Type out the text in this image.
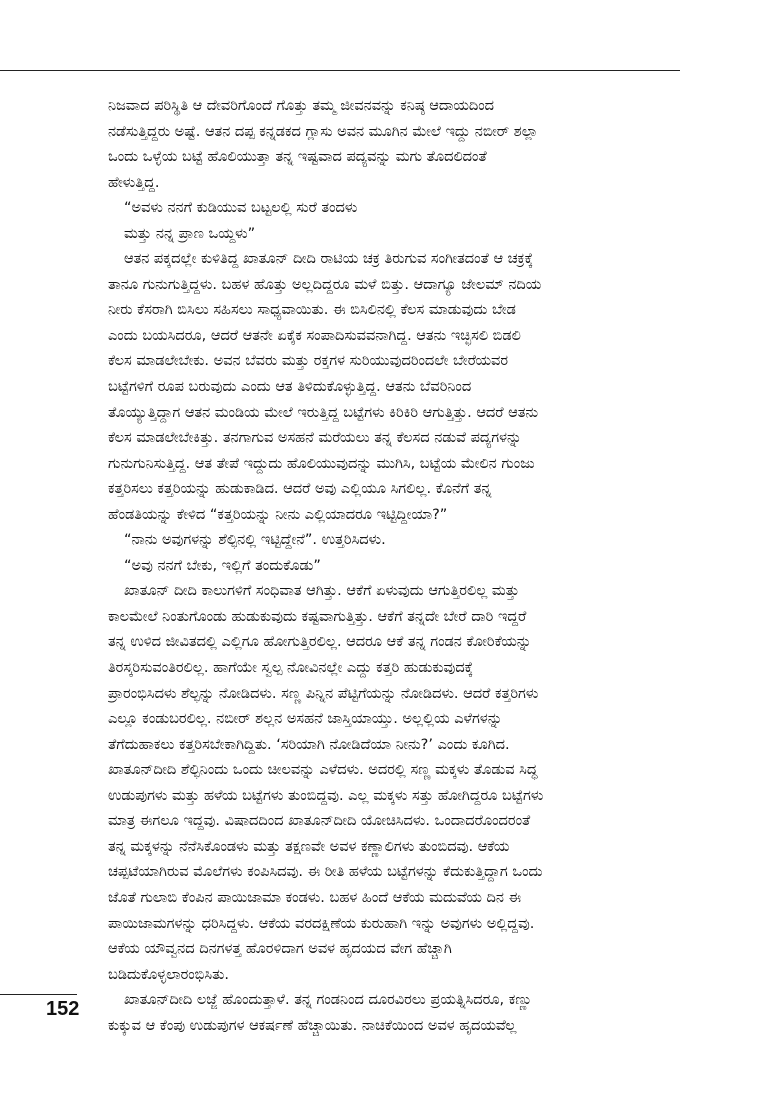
ನಿಜವಾದ ಪರಿಸ್ಥಿತಿ ಆ ದೇವರಿಗೊಂದೆ ಗೊತ್ತು ತಮ್ಮ ಜೀವನವನ್ನು ಕನಿಷ್ಠ ಆದಾಯದಿಂದ
ನಡೆಸುತ್ತಿದ್ದರು ಅಷ್ಟೆ. ಆತನ ದಪ್ಪ ಕನ್ನಡಕದ ಗ್ಲಾಸು ಅವನ ಮೂಗಿನ ಮೇಲೆ ಇದ್ದು ನಬೀರ್ ಶಲ್ಲಾ
ಒಂದು ಒಳ್ಳೆಯ ಬಟ್ಟೆ ಹೊಲಿಯುತ್ತಾ ತನ್ನ ಇಷ್ಟವಾದ ಪದ್ಯವನ್ನು ಮಗು ತೊದಲಿದಂತೆ
ಹೇಳುತ್ತಿದ್ದ.
“ಅವಳು ನನಗೆ ಕುಡಿಯುವ ಬಟ್ಟಲಲ್ಲಿ ಸುರೆ ತಂದಳು
ಮತ್ತು ನನ್ನ ಪ್ರಾಣ ಒಯ್ದಳು”
ಆತನ ಪಕ್ಕದಲ್ಲೇ ಕುಳಿತಿದ್ದ ಖಾತೂನ್ ದೀದಿ ರಾಟಿಯ ಚಕ್ರ ತಿರುಗುವ ಸಂಗೀತದಂತೆ ಆ ಚಕ್ರಕ್ಕೆ
ತಾನೂ ಗುನುಗುತ್ತಿದ್ದಳು. ಬಹಳ ಹೊತ್ತು ಅಲ್ಲದಿದ್ದರೂ ಮಳೆ ಬಿತ್ತು. ಆದಾಗ್ಯೂ ಜೇಲಮ್ ನದಿಯ
ನೀರು ಕೆಸರಾಗಿ ಬಿಸಿಲು ಸಹಿಸಲು ಸಾಧ್ಯವಾಯಿತು. ಈ ಬಿಸಿಲಿನಲ್ಲಿ ಕೆಲಸ ಮಾಡುವುದು ಬೇಡ
ಎಂದು ಬಯಸಿದರೂ, ಆದರೆ ಆತನೇ ಏಕೈಕ ಸಂಪಾದಿಸುವವನಾಗಿದ್ದ. ಆತನು ಇಚ್ಛಿಸಲಿ ಬಿಡಲಿ
ಕೆಲಸ ಮಾಡಲೇಬೇಕು. ಅವನ ಬೆವರು ಮತ್ತು ರಕ್ತಗಳ ಸುರಿಯುವುದರಿಂದಲೇ ಬೇರೆಯವರ
ಬಟ್ಟೆಗಳಿಗೆ ರೂಪ ಬರುವುದು ಎಂದು ಆತ ತಿಳಿದುಕೊಳ್ಳುತ್ತಿದ್ದ. ಆತನು ಬೆವರಿನಿಂದ
ತೊಯ್ಯುತ್ತಿದ್ದಾಗ ಆತನ ಮಂಡಿಯ ಮೇಲೆ ಇರುತ್ತಿದ್ದ ಬಟ್ಟೆಗಳು ಕಿರಿಕಿರಿ ಆಗುತ್ತಿತ್ತು. ಆದರೆ ಆತನು
ಕೆಲಸ ಮಾಡಲೇಬೇಕಿತ್ತು. ತನಗಾಗುವ ಅಸಹನೆ ಮರೆಯಲು ತನ್ನ ಕೆಲಸದ ನಡುವೆ ಪದ್ಯಗಳನ್ನು
ಗುನುಗುನಿಸುತ್ತಿದ್ದ. ಆತ ತೇಪೆ ಇದ್ದುದು ಹೊಲಿಯುವುದನ್ನು ಮುಗಿಸಿ, ಬಟ್ಟೆಯ ಮೇಲಿನ ಗುಂಜು
ಕತ್ತರಿಸಲು ಕತ್ತರಿಯನ್ನು ಹುಡುಕಾಡಿದ. ಆದರೆ ಅವು ಎಲ್ಲಿಯೂ ಸಿಗಲಿಲ್ಲ. ಕೊನೆಗೆ ತನ್ನ
ಹೆಂಡತಿಯನ್ನು ಕೇಳಿದ “ಕತ್ತರಿಯನ್ನು ನೀನು ಎಲ್ಲಿಯಾದರೂ ಇಟ್ಟಿದ್ದೀಯಾ?”
“ನಾನು ಅವುಗಳನ್ನು ಶೆಲ್ಫಿನಲ್ಲಿ ಇಟ್ಟಿದ್ದೇನೆ”. ಉತ್ತರಿಸಿದಳು.
“ಅವು ನನಗೆ ಬೇಕು, ಇಲ್ಲಿಗೆ ತಂದುಕೊಡು”
ಖಾತೂನ್ ದೀದಿ ಕಾಲುಗಳಿಗೆ ಸಂಧಿವಾತ ಆಗಿತ್ತು. ಆಕೆಗೆ ಏಳುವುದು ಆಗುತ್ತಿರಲಿಲ್ಲ ಮತ್ತು
ಕಾಲಮೇಲೆ ನಿಂತುಗೊಂಡು ಹುಡುಕುವುದು ಕಷ್ಟವಾಗುತ್ತಿತ್ತು. ಆಕೆಗೆ ತನ್ನದೇ ಬೇರೆ ದಾರಿ ಇದ್ದರೆ
ತನ್ನ ಉಳಿದ ಜೀವಿತದಲ್ಲಿ ಎಲ್ಲಿಗೂ ಹೋಗುತ್ತಿರಲಿಲ್ಲ. ಆದರೂ ಆಕೆ ತನ್ನ ಗಂಡನ ಕೋರಿಕೆಯನ್ನು
ತಿರಸ್ಕರಿಸುವಂತಿರಲಿಲ್ಲ. ಹಾಗೆಯೇ ಸ್ವಲ್ಪ ನೋವಿನಲ್ಲೇ ಎದ್ದು ಕತ್ತರಿ ಹುಡುಕುವುದಕ್ಕೆ
ಪ್ರಾರಂಭಿಸಿದಳು ಶೆಲ್ಫನ್ನು ನೋಡಿದಳು. ಸಣ್ಣ ಪಿನ್ನಿನ ಪೆಟ್ಟಿಗೆಯನ್ನು ನೋಡಿದಳು. ಆದರೆ ಕತ್ತರಿಗಳು
ಎಲ್ಲೂ ಕಂಡುಬರಲಿಲ್ಲ. ನಬೀರ್ ಶಲ್ಲನ ಅಸಹನೆ ಜಾಸ್ತಿಯಾಯ್ತು. ಅಲ್ಲಲ್ಲಿಯ ಎಳೆಗಳನ್ನು
ತೆಗೆದುಹಾಕಲು ಕತ್ತರಿಸಬೇಕಾಗಿದ್ದಿತು. ‘ಸರಿಯಾಗಿ ನೋಡಿದೆಯಾ ನೀನು?’ ಎಂದು ಕೂಗಿದ.
ಖಾತೂನ್‌ದೀದಿ ಶೆಲ್ಫಿನಿಂದು ಒಂದು ಚೀಲವನ್ನು ಎಳೆದಳು. ಅದರಲ್ಲಿ ಸಣ್ಣ ಮಕ್ಕಳು ತೊಡುವ ಸಿದ್ಧ
ಉಡುಪುಗಳು ಮತ್ತು ಹಳೆಯ ಬಟ್ಟೆಗಳು ತುಂಬಿದ್ದವು. ಎಲ್ಲ ಮಕ್ಕಳು ಸತ್ತು ಹೋಗಿದ್ದರೂ ಬಟ್ಟೆಗಳು
ಮಾತ್ರ ಈಗಲೂ ಇದ್ದವು. ವಿಷಾದದಿಂದ ಖಾತೂನ್‌ದೀದಿ ಯೋಚಿಸಿದಳು. ಒಂದಾದರೊಂದರಂತೆ
ತನ್ನ ಮಕ್ಕಳನ್ನು ನೆನೆಸಿಕೊಂಡಳು ಮತ್ತು ತಕ್ಷಣವೇ ಅವಳ ಕಣ್ಣಾಲಿಗಳು ತುಂಬಿದವು. ಆಕೆಯ
ಚಪ್ಪಟೆಯಾಗಿರುವ ಮೊಲೆಗಳು ಕಂಪಿಸಿದವು. ಈ ರೀತಿ ಹಳೆಯ ಬಟ್ಟೆಗಳನ್ನು ಕೆದುಕುತ್ತಿದ್ದಾಗ ಒಂದು
ಜೊತೆ ಗುಲಾಬಿ ಕೆಂಪಿನ ಪಾಯಿಜಾಮಾ ಕಂಡಳು. ಬಹಳ ಹಿಂದೆ ಆಕೆಯ ಮದುವೆಯ ದಿನ ಈ
ಪಾಯಿಜಾಮಗಳನ್ನು ಧರಿಸಿದ್ದಳು. ಆಕೆಯ ವರದಕ್ಷಿಣೆಯ ಕುರುಹಾಗಿ ಇನ್ನು ಅವುಗಳು ಅಲ್ಲಿದ್ದವು.
ಆಕೆಯ ಯೌವ್ವನದ ದಿನಗಳತ್ತ ಹೊರಳಿದಾಗ ಅವಳ ಹೃದಯದ ವೇಗ ಹೆಚ್ಚಾಗಿ
ಬಡಿದುಕೊಳ್ಳಲಾರಂಭಿಸಿತು.
ಖಾತೂನ್‌ದೀದಿ ಲಜ್ಜೆ ಹೊಂದುತ್ತಾಳೆ. ತನ್ನ ಗಂಡನಿಂದ ದೂರವಿರಲು ಪ್ರಯತ್ನಿಸಿದರೂ, ಕಣ್ಣು
ಕುಕ್ಕುವ ಆ ಕೆಂಪು ಉಡುಪುಗಳ ಆಕರ್ಷಣೆ ಹೆಚ್ಚಾಯಿತು. ನಾಚಿಕೆಯಿಂದ ಅವಳ ಹೃದಯವೆಲ್ಲ
152
